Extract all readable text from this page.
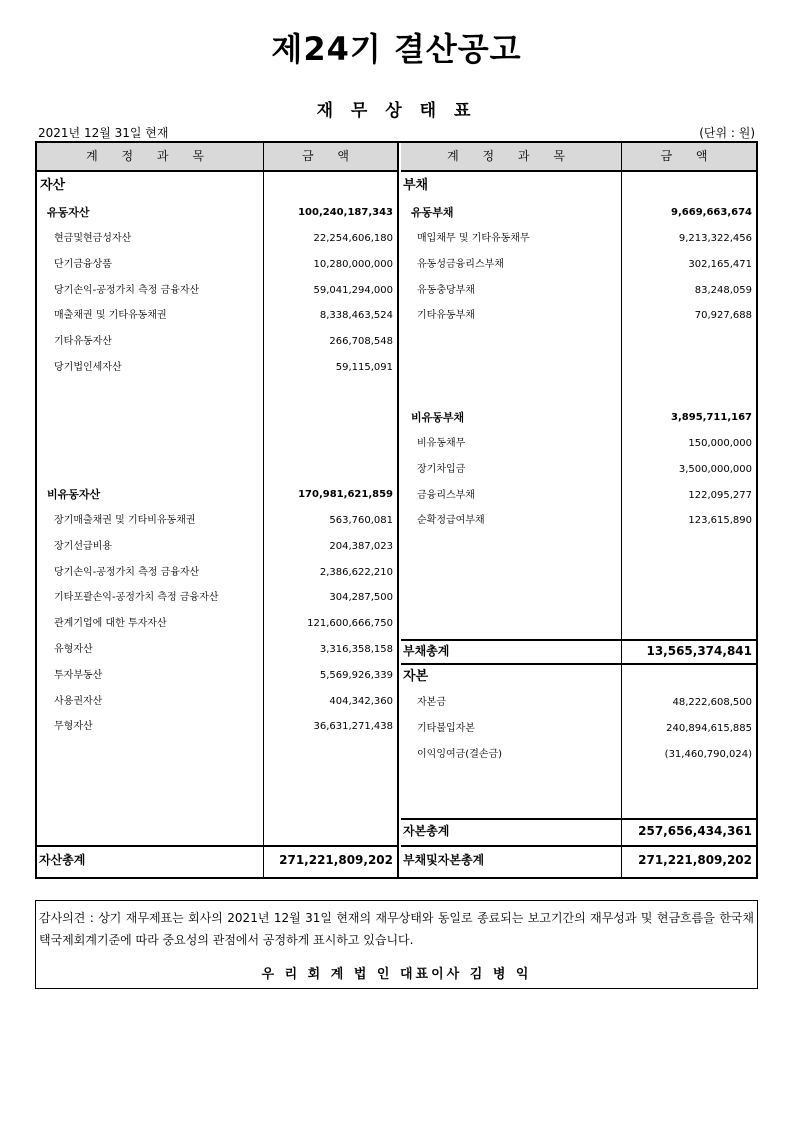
제24기 결산공고
재 무 상 태 표
2021년 12월 31일 현재	(단위 : 원)
계 정 과 목	금 액
자산
유동자산	100,240,187,343
현금및현금성자산	22,254,606,180
단기금융상품	10,280,000,000
당기손익-공정가치 측정 금융자산	59,041,294,000
매출채권 및 기타유동채권	8,338,463,524
기타유동자산	266,708,548
당기법인세자산	59,115,091
비유동자산	170,981,621,859
장기매출채권 및 기타비유동채권	563,760,081
장기선급비용	204,387,023
당기손익-공정가치 측정 금융자산	2,386,622,210
기타포괄손익-공정가치 측정 금융자산	304,287,500
관계기업에 대한 투자자산	121,600,666,750
유형자산	3,316,358,158
투자부동산	5,569,926,339
사용권자산	404,342,360
무형자산	36,631,271,438
자산총계	271,221,809,202
계 정 과 목	금 액
부채
유동부채	9,669,663,674
매입채무 및 기타유동채무	9,213,322,456
유동성금융리스부채	302,165,471
유동충당부채	83,248,059
기타유동부채	70,927,688
비유동부채	3,895,711,167
비유동채무	150,000,000
장기차입금	3,500,000,000
금융리스부채	122,095,277
순확정급여부채	123,615,890
부채총계	13,565,374,841
자본
자본금	48,222,608,500
기타불입자본	240,894,615,885
이익잉여금(결손금)	(31,460,790,024)
자본총계	257,656,434,361
부채및자본총계	271,221,809,202
감사의견 : 상기 재무제표는 회사의 2021년 12월 31일 현재의 재무상태와 동일로 종료되는 보고기간의 재무성과 및 현금흐름을 한국채택국제회계기준에 따라 중요성의 관점에서 공정하게 표시하고 있습니다.
우 리 회 계 법 인 대표이사 김 병 익
